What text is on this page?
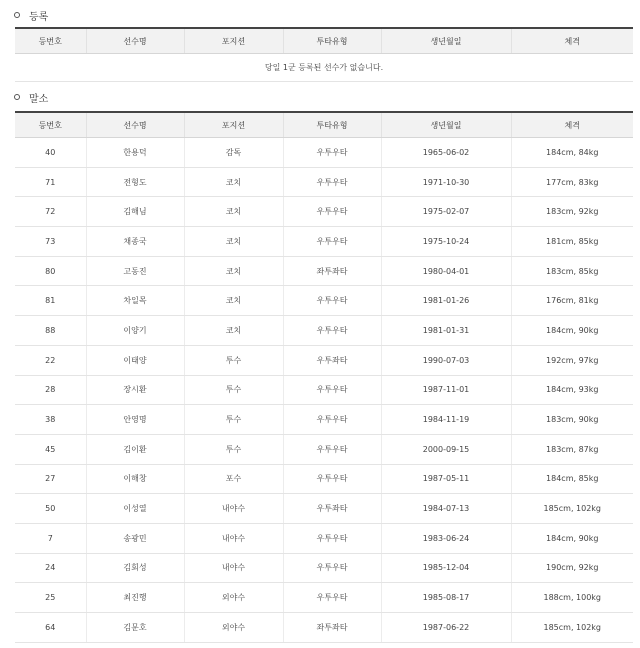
등록
등번호	선수명	포지션	투타유형	생년월일	체격
당일 1군 등록된 선수가 없습니다.
말소
등번호	선수명	포지션	투타유형	생년월일	체격
40	한용덕	감독	우투우타	1965-06-02	184cm, 84kg
71	전형도	코치	우투우타	1971-10-30	177cm, 83kg
72	김해님	코치	우투우타	1975-02-07	183cm, 92kg
73	채종국	코치	우투우타	1975-10-24	181cm, 85kg
80	고동진	코치	좌투좌타	1980-04-01	183cm, 85kg
81	차일목	코치	우투우타	1981-01-26	176cm, 81kg
88	이양기	코치	우투우타	1981-01-31	184cm, 90kg
22	이태양	투수	우투좌타	1990-07-03	192cm, 97kg
28	장시환	투수	우투우타	1987-11-01	184cm, 93kg
38	안영명	투수	우투우타	1984-11-19	183cm, 90kg
45	김이환	투수	우투우타	2000-09-15	183cm, 87kg
27	이해창	포수	우투우타	1987-05-11	184cm, 85kg
50	이성열	내야수	우투좌타	1984-07-13	185cm, 102kg
7	송광민	내야수	우투우타	1983-06-24	184cm, 90kg
24	김회성	내야수	우투우타	1985-12-04	190cm, 92kg
25	최진행	외야수	우투우타	1985-08-17	188cm, 100kg
64	김문호	외야수	좌투좌타	1987-06-22	185cm, 102kg
